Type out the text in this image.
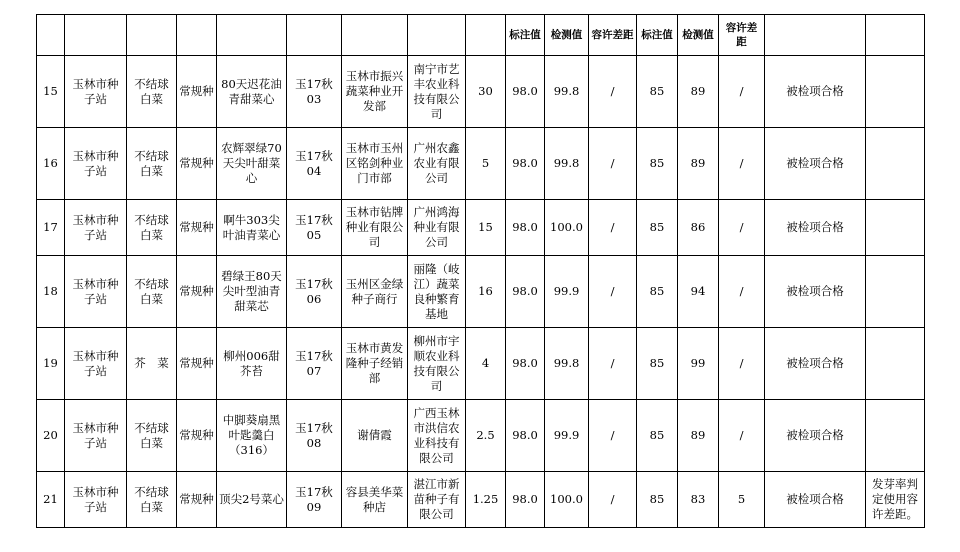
									标注值	检测值	容许差距	标注值	检测值	容许差距		
15	玉林市种子站	不结球白菜	常规种	80天迟花油青甜菜心	玉17秋03	玉林市振兴蔬菜种业开发部	南宁市艺丰农业科技有限公司	30	98.0	99.8	/	85	89	/	被检项合格	
16	玉林市种子站	不结球白菜	常规种	农辉翠绿70天尖叶甜菜心	玉17秋04	玉林市玉州区铭剑种业门市部	广州农鑫农业有限公司	5	98.0	99.8	/	85	89	/	被检项合格	
17	玉林市种子站	不结球白菜	常规种	啊牛303尖叶油青菜心	玉17秋05	玉林市钻牌种业有限公司	广州鸿海种业有限公司	15	98.0	100.0	/	85	86	/	被检项合格	
18	玉林市种子站	不结球白菜	常规种	碧绿王80天尖叶型油青甜菜芯	玉17秋06	玉州区金绿种子商行	丽隆（岐江）蔬菜良种繁育基地	16	98.0	99.9	/	85	94	/	被检项合格	
19	玉林市种子站	芥　菜	常规种	柳州006甜芥苔	玉17秋07	玉林市黄发隆种子经销部	柳州市宇顺农业科技有限公司	4	98.0	99.8	/	85	99	/	被检项合格	
20	玉林市种子站	不结球白菜	常规种	中脚葵扇黑叶匙羹白（316）	玉17秋08	谢倩霞	广西玉林市洪信农业科技有限公司	2.5	98.0	99.9	/	85	89	/	被检项合格	
21	玉林市种子站	不结球白菜	常规种	顶尖2号菜心	玉17秋09	容县美华菜种店	湛江市新苗种子有限公司	1.25	98.0	100.0	/	85	83	5	被检项合格	发芽率判定使用容许差距。
